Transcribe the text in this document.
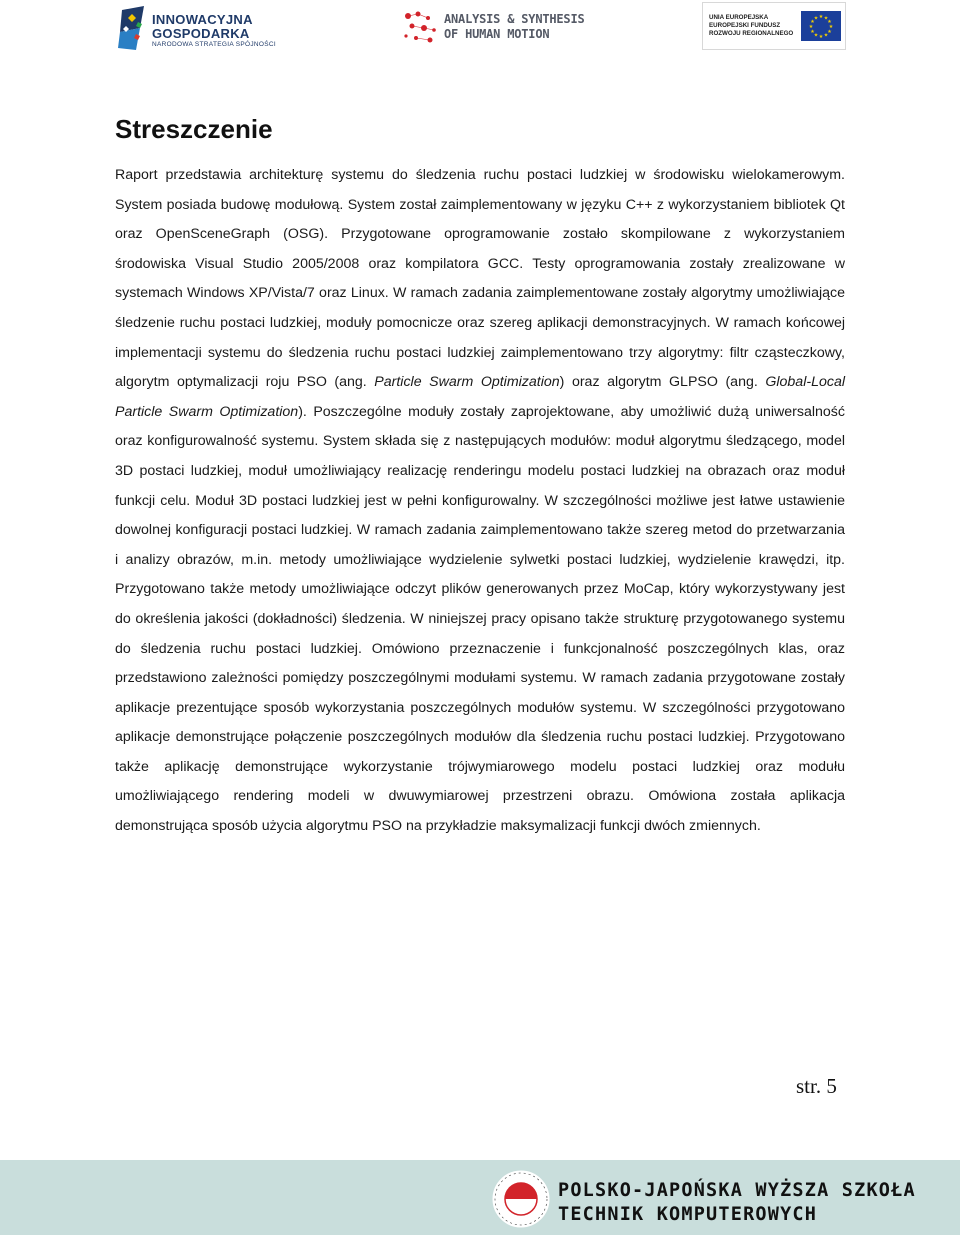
INNOWACYJNA
GOSPODARKA
NARODOWA STRATEGIA SPÓJNOŚCI
ANALYSIS & SYNTHESIS
OF HUMAN MOTION
UNIA EUROPEJSKA
EUROPEJSKI FUNDUSZ
ROZWOJU REGIONALNEGO
★ ★
★
★
★
★
★
★
★
★
★
★
Streszczenie

Raport przedstawia architekturę systemu do śledzenia ruchu postaci ludzkiej w środowisku wielokamerowym. System posiada budowę modułową. System został zaimplementowany w języku C++ z wykorzystaniem bibliotek Qt oraz OpenSceneGraph (OSG). Przygotowane oprogramowanie zostało skompilowane z wykorzystaniem środowiska Visual Studio 2005/2008 oraz kompilatora GCC. Testy oprogramowania zostały zrealizowane w systemach Windows XP/Vista/7 oraz Linux. W ramach zadania zaimplementowane zostały algorytmy umożliwiające śledzenie ruchu postaci ludzkiej, moduły pomocnicze oraz szereg aplikacji demonstracyjnych. W ramach końcowej implementacji systemu do śledzenia ruchu postaci ludzkiej zaimplementowano trzy algorytmy: filtr cząsteczkowy, algorytm optymalizacji roju PSO (ang. Particle Swarm Optimization) oraz algorytm GLPSO (ang. Global-Local Particle Swarm Optimization). Poszczególne moduły zostały zaprojektowane, aby umożliwić dużą uniwersalność oraz konfigurowalność systemu. System składa się z następujących modułów: moduł algorytmu śledzącego, model 3D postaci ludzkiej, moduł umożliwiający realizację renderingu modelu postaci ludzkiej na obrazach oraz moduł funkcji celu. Moduł 3D postaci ludzkiej jest w pełni konfigurowalny. W szczególności możliwe jest łatwe ustawienie dowolnej konfiguracji postaci ludzkiej. W ramach zadania zaimplementowano także szereg metod do przetwarzania i analizy obrazów, m.in. metody umożliwiające wydzielenie sylwetki postaci ludzkiej, wydzielenie krawędzi, itp. Przygotowano także metody umożliwiające odczyt plików generowanych przez MoCap, który wykorzystywany jest do określenia jakości (dokładności) śledzenia. W niniejszej pracy opisano także strukturę przygotowanego systemu do śledzenia ruchu postaci ludzkiej. Omówiono przeznaczenie i funkcjonalność poszczególnych klas, oraz przedstawiono zależności pomiędzy poszczególnymi modułami systemu. W ramach zadania przygotowane zostały aplikacje prezentujące sposób wykorzystania poszczególnych modułów systemu. W szczególności przygotowano aplikacje demonstrujące połączenie poszczególnych modułów dla śledzenia ruchu postaci ludzkiej. Przygotowano także aplikację demonstrujące wykorzystanie trójwymiarowego modelu postaci ludzkiej oraz modułu umożliwiającego rendering modeli w dwuwymiarowej przestrzeni obrazu. Omówiona została aplikacja demonstrująca sposób użycia algorytmu PSO na przykładzie maksymalizacji funkcji dwóch zmiennych.

str. 5
POLSKO-JAPOŃSKA WYŻSZA SZKOŁA
TECHNIK KOMPUTEROWYCH
